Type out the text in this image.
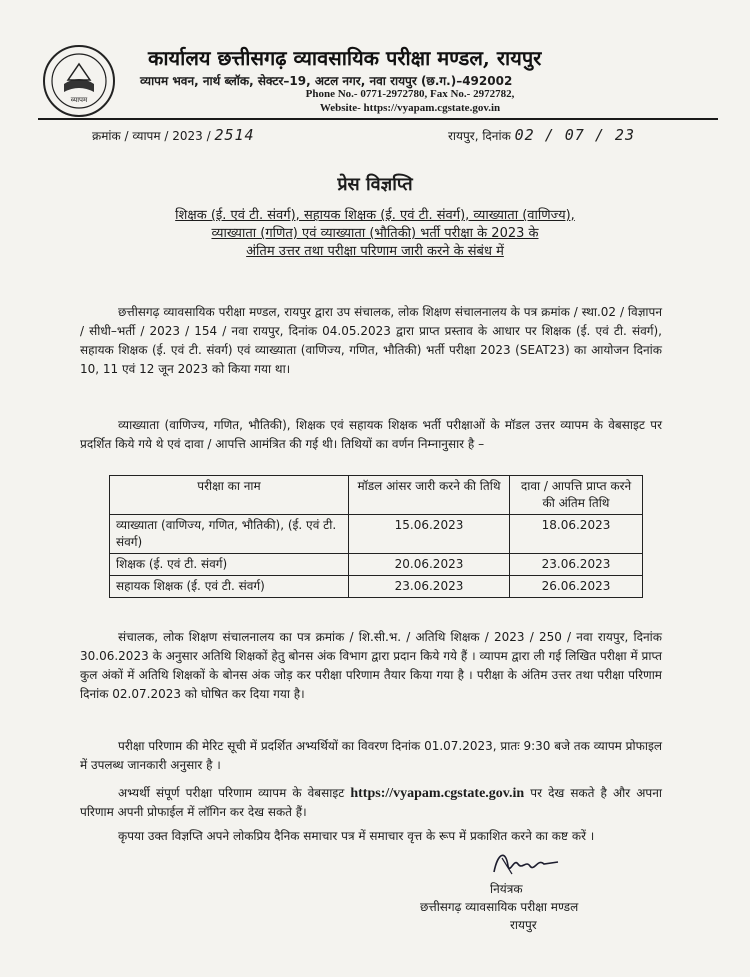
व्यापम
कार्यालय छत्तीसगढ़ व्यावसायिक परीक्षा मण्डल, रायपुर
व्यापम भवन, नार्थ ब्लॉक, सेक्टर–19, अटल नगर, नवा रायपुर (छ.ग.)–492002
Phone No.- 0771-2972780, Fax No.- 2972782,
Website- https://vyapam.cgstate.gov.in
क्रमांक / व्यापम / 2023 / 2514	रायपुर, दिनांक 02 / 07 / 23
प्रेस विज्ञप्ति
शिक्षक (ई. एवं टी. संवर्ग), सहायक शिक्षक (ई. एवं टी. संवर्ग), व्याख्याता (वाणिज्य),
व्याख्याता (गणित) एवं व्याख्याता (भौतिकी) भर्ती परीक्षा के 2023 के
अंतिम उत्तर तथा परीक्षा परिणाम जारी करने के संबंध में
छत्तीसगढ़ व्यावसायिक परीक्षा मण्डल, रायपुर द्वारा उप संचालक, लोक शिक्षण संचालनालय के पत्र क्रमांक / स्था.02 / विज्ञापन / सीधी–भर्ती / 2023 / 154 / नवा रायपुर, दिनांक 04.05.2023 द्वारा प्राप्त प्रस्ताव के आधार पर शिक्षक (ई. एवं टी. संवर्ग), सहायक शिक्षक (ई. एवं टी. संवर्ग) एवं व्याख्याता (वाणिज्य, गणित, भौतिकी) भर्ती परीक्षा 2023 (SEAT23) का आयोजन दिनांक 10, 11 एवं 12 जून 2023 को किया गया था।
व्याख्याता (वाणिज्य, गणित, भौतिकी), शिक्षक एवं सहायक शिक्षक भर्ती परीक्षाओं के मॉडल उत्तर व्यापम के वेबसाइट पर प्रदर्शित किये गये थे एवं दावा / आपत्ति आमंत्रित की गई थी। तिथियों का वर्णन निम्नानुसार है –
परीक्षा का नाम	मॉडल आंसर जारी करने की तिथि	दावा / आपत्ति प्राप्त करने की अंतिम तिथि
व्याख्याता (वाणिज्य, गणित, भौतिकी), (ई. एवं टी. संवर्ग)	15.06.2023	18.06.2023
शिक्षक (ई. एवं टी. संवर्ग)	20.06.2023	23.06.2023
सहायक शिक्षक (ई. एवं टी. संवर्ग)	23.06.2023	26.06.2023
संचालक, लोक शिक्षण संचालनालय का पत्र क्रमांक / शि.सी.भ. / अतिथि शिक्षक / 2023 / 250 / नवा रायपुर, दिनांक 30.06.2023 के अनुसार अतिथि शिक्षकों हेतु बोनस अंक विभाग द्वारा प्रदान किये गये हैं । व्यापम द्वारा ली गई लिखित परीक्षा में प्राप्त कुल अंकों में अतिथि शिक्षकों के बोनस अंक जोड़ कर परीक्षा परिणाम तैयार किया गया है । परीक्षा के अंतिम उत्तर तथा परीक्षा परिणाम दिनांक 02.07.2023 को घोषित कर दिया गया है।
परीक्षा परिणाम की मेरिट सूची में प्रदर्शित अभ्यर्थियों का विवरण दिनांक 01.07.2023, प्रातः 9:30 बजे तक व्यापम प्रोफाइल में उपलब्ध जानकारी अनुसार है ।
अभ्यर्थी संपूर्ण परीक्षा परिणाम व्यापम के वेबसाइट https://vyapam.cgstate.gov.in पर देख सकते है और अपना परिणाम अपनी प्रोफाईल में लॉगिन कर देख सकते हैं।
कृपया उक्त विज्ञप्ति अपने लोकप्रिय दैनिक समाचार पत्र में समाचार वृत्त के रूप में प्रकाशित करने का कष्ट करें ।
नियंत्रक
छत्तीसगढ़ व्यावसायिक परीक्षा मण्डल
रायपुर
